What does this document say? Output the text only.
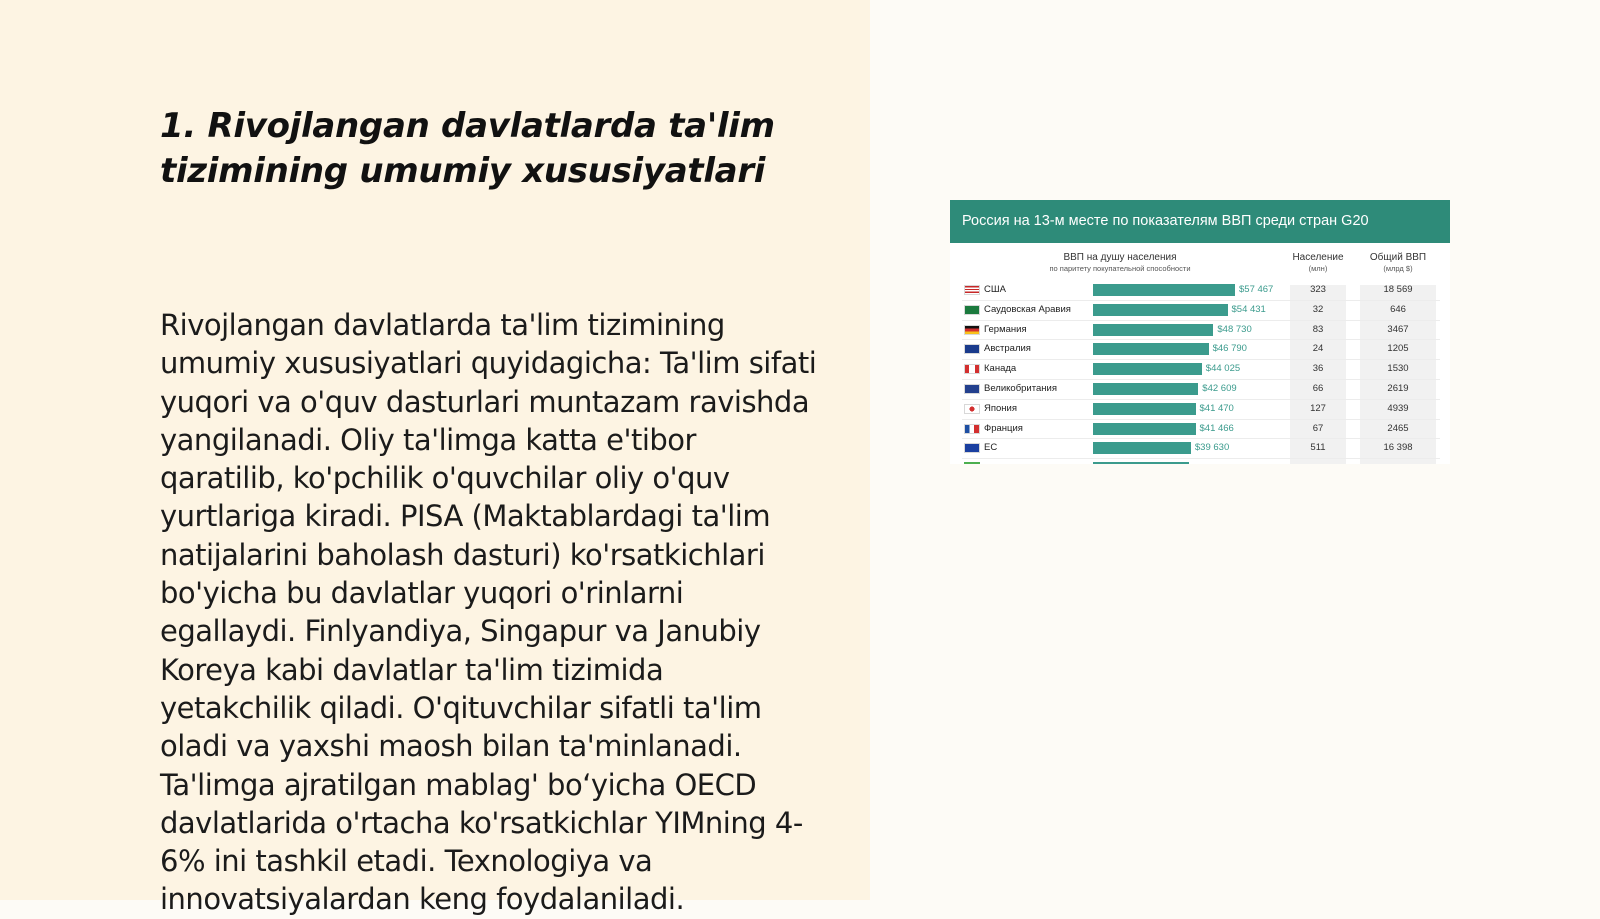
1. Rivojlangan davlatlarda ta'lim tizimining umumiy xususiyatlari

Rivojlangan davlatlarda ta'lim tizimining umumiy xususiyatlari quyidagicha: Ta'lim sifati yuqori va o'quv dasturlari muntazam ravishda yangilanadi. Oliy ta'limga katta e'tibor qaratilib, ko'pchilik o'quvchilar oliy o'quv yurtlariga kiradi. PISA (Maktablardagi ta'lim natijalarini baholash dasturi) ko'rsatkichlari bo'yicha bu davlatlar yuqori o'rinlarni egallaydi. Finlyandiya, Singapur va Janubiy Koreya kabi davlatlar ta'lim tizimida yetakchilik qiladi. O'qituvchilar sifatli ta'lim oladi va yaxshi maosh bilan ta'minlanadi. Ta'limga ajratilgan mablag' bo‘yicha OECD davlatlarida o'rtacha ko'rsatkichlar YIMning 4-6% ini tashkil etadi. Texnologiya va innovatsiyalardan keng foydalaniladi.

Россия на 13-м месте по показателям ВВП среди стран G20
ВВП на душу населения
по паритету покупательной способности
Население
(млн)
Общий ВВП
(млрд $)
США	$57 467	323	18 569
Саудовская Аравия	$54 431	32	646
Германия	$48 730	83	3467
Австралия	$46 790	24	1205
Канада	$44 025	36	1530
Великобритания	$42 609	66	2619
Япония	$41 470	127	4939
Франция	$41 466	67	2465
ЕС	$39 630	511	16 398
